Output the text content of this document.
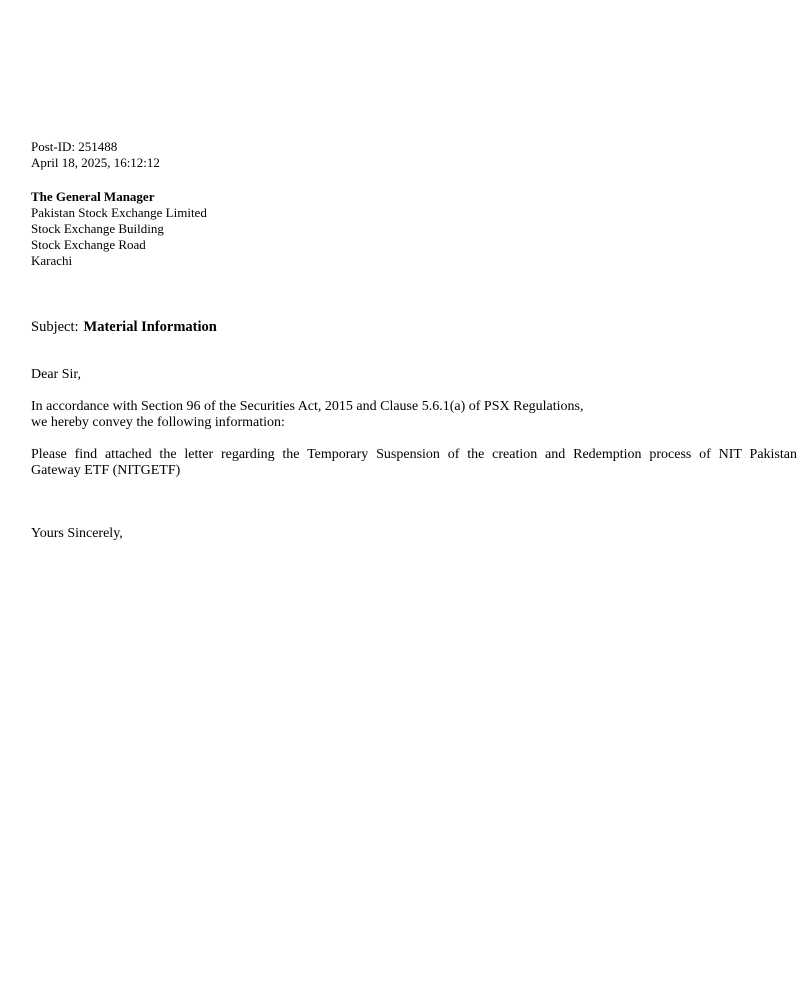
Post-ID: 251488
April 18, 2025, 16:12:12
The General Manager
Pakistan Stock Exchange Limited
Stock Exchange Building
Stock Exchange Road
Karachi
Subject: Material Information
Dear Sir,
In accordance with Section 96 of the Securities Act, 2015 and Clause 5.6.1(a) of PSX Regulations,
we hereby convey the following information:
Please find attached the letter regarding the Temporary Suspension of the creation and Redemption process of NIT Pakistan
Gateway ETF (NITGETF)
Yours Sincerely,
